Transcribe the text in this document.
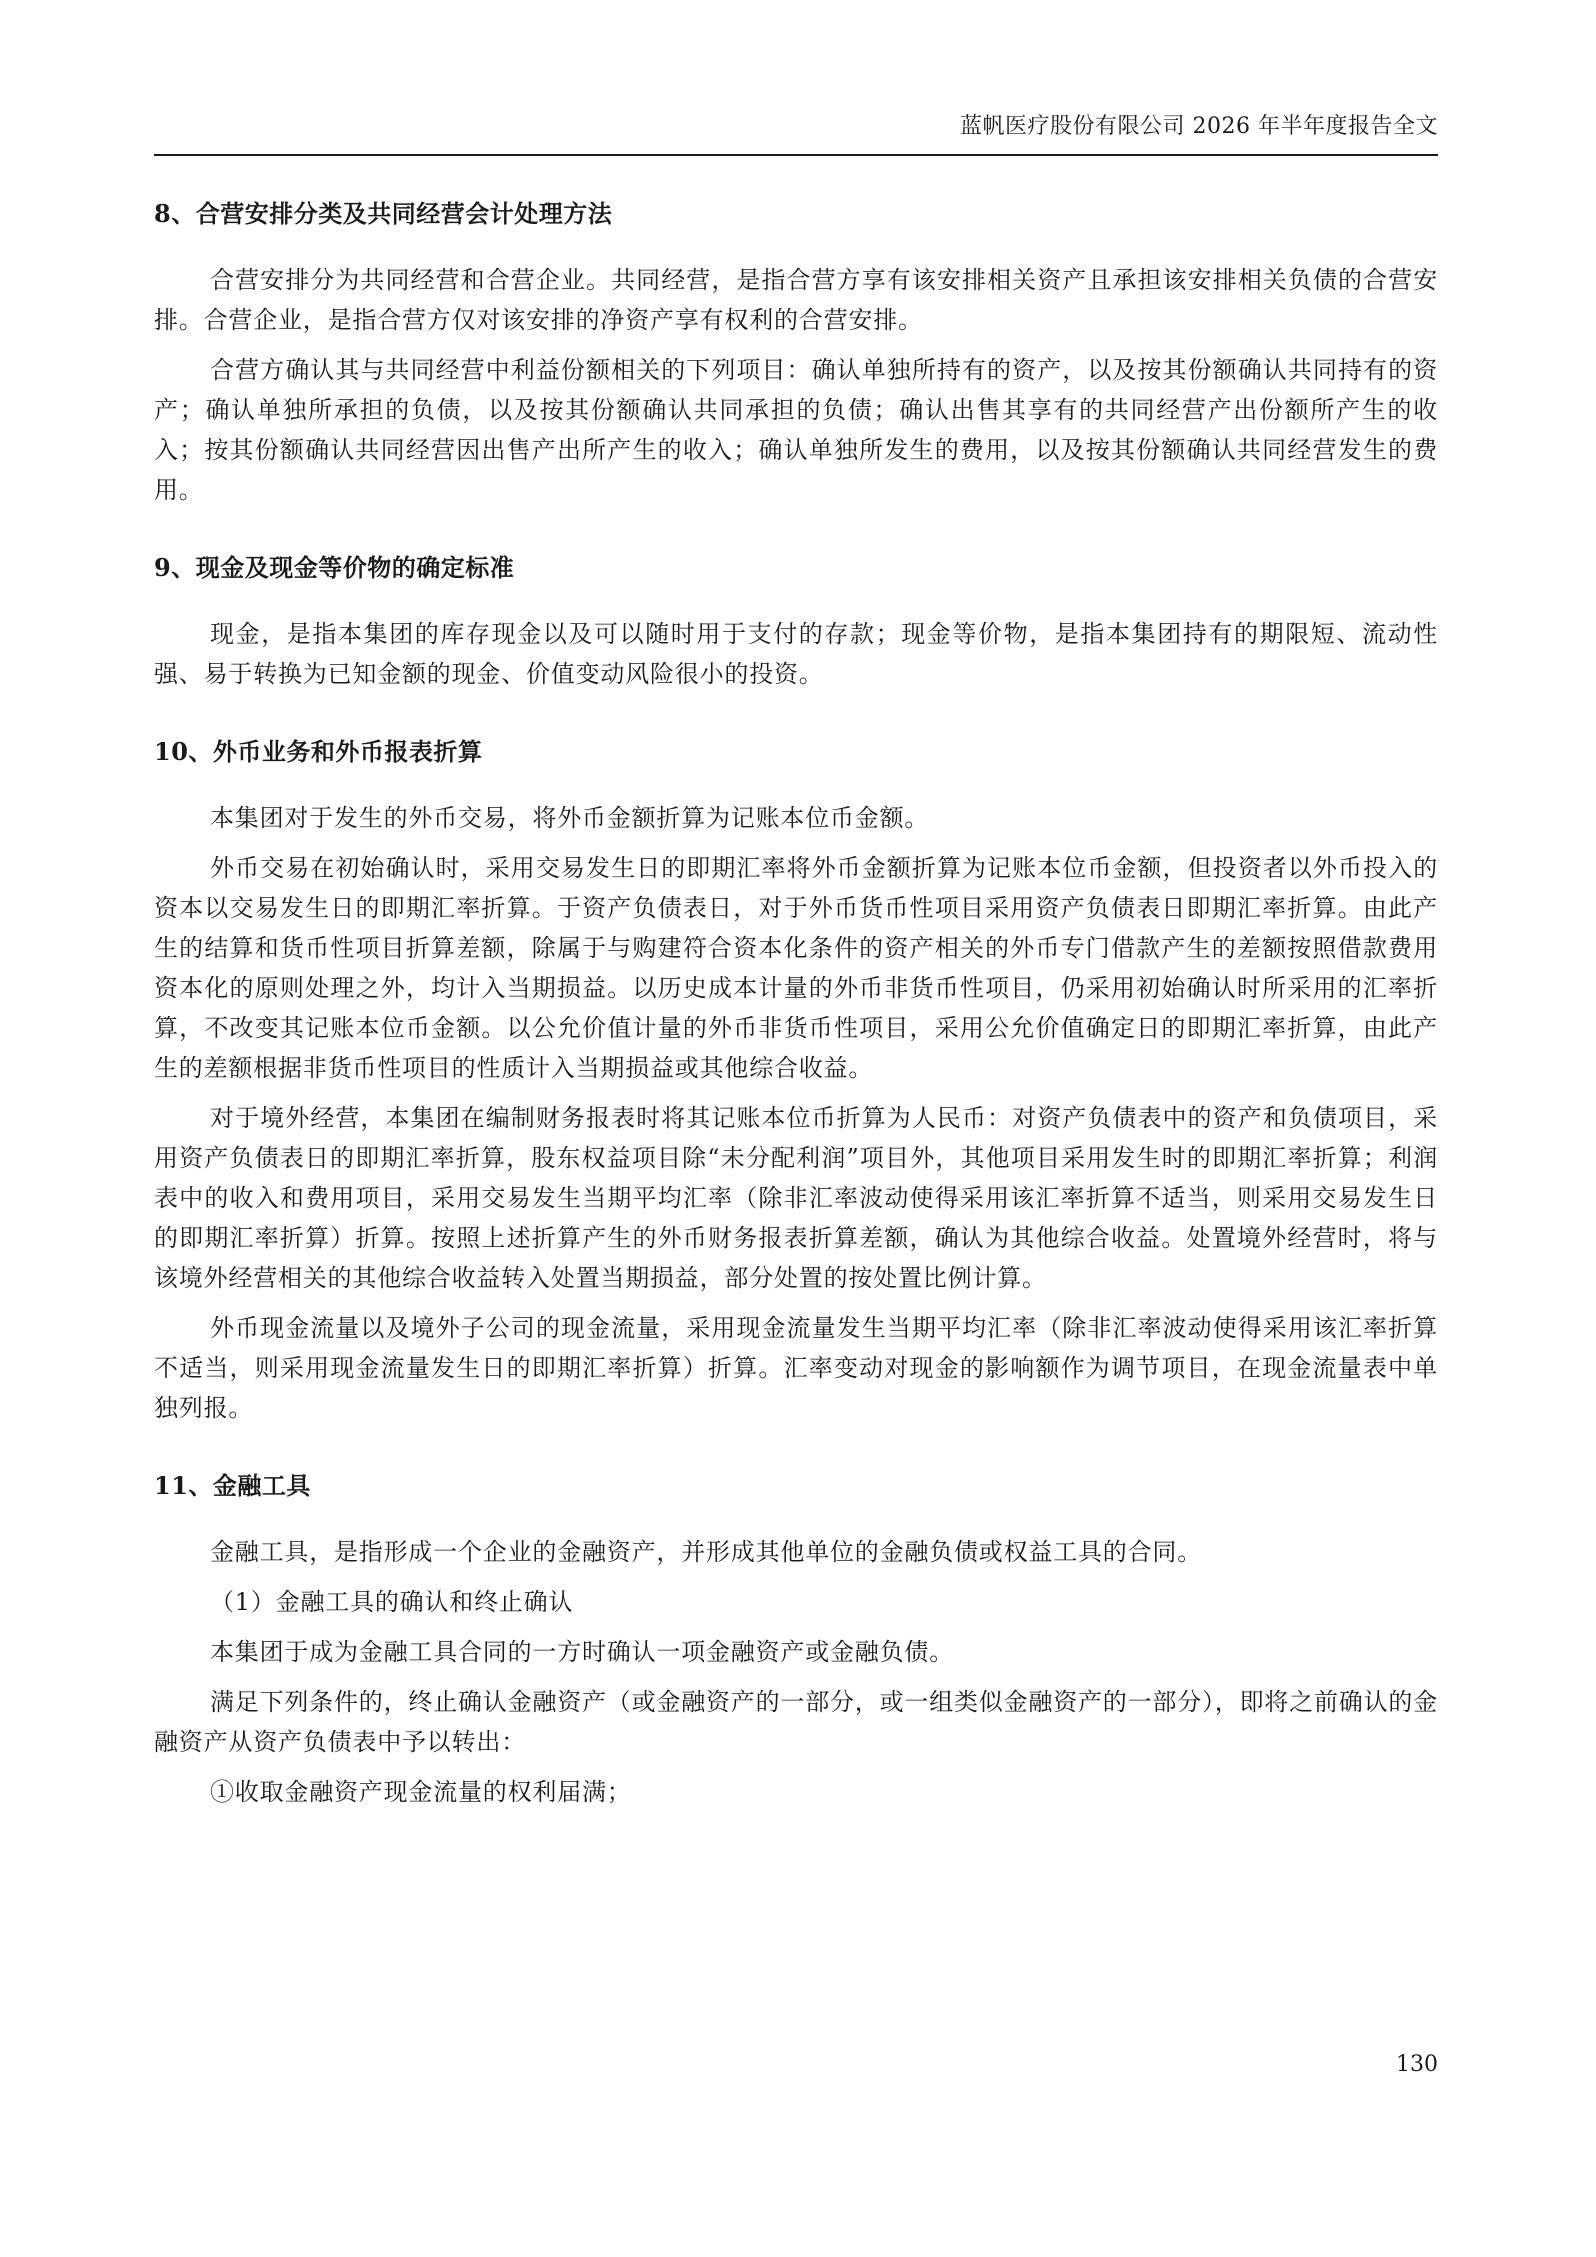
蓝帆医疗股份有限公司 2026 年半年度报告全文
8、合营安排分类及共同经营会计处理方法

合营安排分为共同经营和合营企业。共同经营，是指合营方享有该安排相关资产且承担该安排相关负债的合营安排。合营企业，是指合营方仅对该安排的净资产享有权利的合营安排。

合营方确认其与共同经营中利益份额相关的下列项目：确认单独所持有的资产，以及按其份额确认共同持有的资产；确认单独所承担的负债，以及按其份额确认共同承担的负债；确认出售其享有的共同经营产出份额所产生的收入；按其份额确认共同经营因出售产出所产生的收入；确认单独所发生的费用，以及按其份额确认共同经营发生的费用。

9、现金及现金等价物的确定标准

现金，是指本集团的库存现金以及可以随时用于支付的存款；现金等价物，是指本集团持有的期限短、流动性强、易于转换为已知金额的现金、价值变动风险很小的投资。

10、外币业务和外币报表折算

本集团对于发生的外币交易，将外币金额折算为记账本位币金额。

外币交易在初始确认时，采用交易发生日的即期汇率将外币金额折算为记账本位币金额，但投资者以外币投入的资本以交易发生日的即期汇率折算。于资产负债表日，对于外币货币性项目采用资产负债表日即期汇率折算。由此产生的结算和货币性项目折算差额，除属于与购建符合资本化条件的资产相关的外币专门借款产生的差额按照借款费用资本化的原则处理之外，均计入当期损益。以历史成本计量的外币非货币性项目，仍采用初始确认时所采用的汇率折算，不改变其记账本位币金额。以公允价值计量的外币非货币性项目，采用公允价值确定日的即期汇率折算，由此产生的差额根据非货币性项目的性质计入当期损益或其他综合收益。

对于境外经营，本集团在编制财务报表时将其记账本位币折算为人民币：对资产负债表中的资产和负债项目，采用资产负债表日的即期汇率折算，股东权益项目除“未分配利润”项目外，其他项目采用发生时的即期汇率折算；利润表中的收入和费用项目，采用交易发生当期平均汇率（除非汇率波动使得采用该汇率折算不适当，则采用交易发生日的即期汇率折算）折算。按照上述折算产生的外币财务报表折算差额，确认为其他综合收益。处置境外经营时，将与该境外经营相关的其他综合收益转入处置当期损益，部分处置的按处置比例计算。

外币现金流量以及境外子公司的现金流量，采用现金流量发生当期平均汇率（除非汇率波动使得采用该汇率折算不适当，则采用现金流量发生日的即期汇率折算）折算。汇率变动对现金的影响额作为调节项目，在现金流量表中单独列报。

11、金融工具

金融工具，是指形成一个企业的金融资产，并形成其他单位的金融负债或权益工具的合同。

（1）金融工具的确认和终止确认

本集团于成为金融工具合同的一方时确认一项金融资产或金融负债。

满足下列条件的，终止确认金融资产（或金融资产的一部分，或一组类似金融资产的一部分），即将之前确认的金融资产从资产负债表中予以转出：

①收取金融资产现金流量的权利届满；

130
